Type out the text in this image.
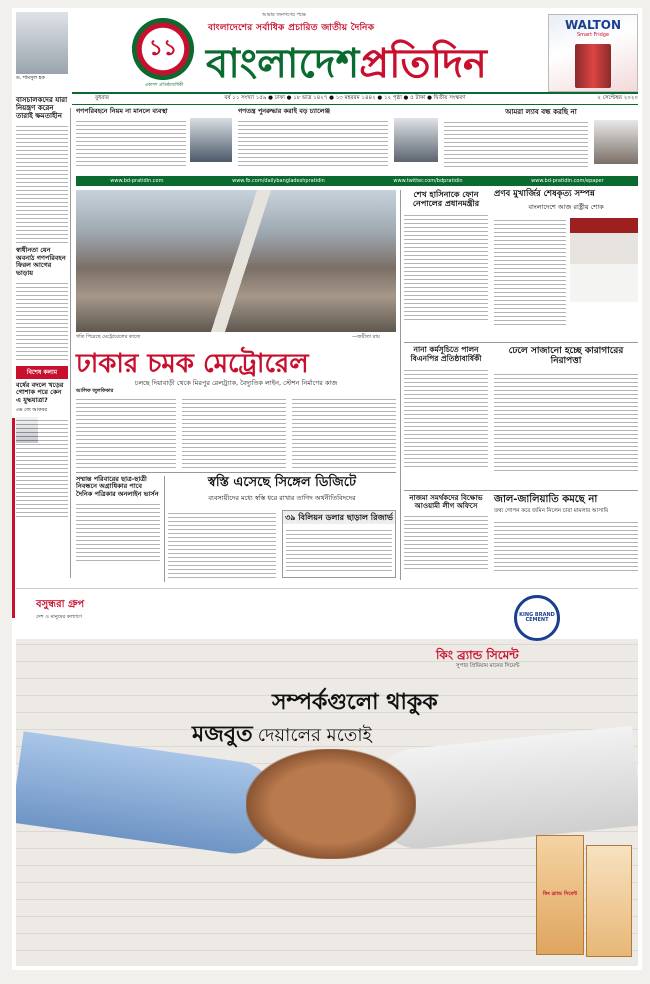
ড. শামসুল হক
১১
একাদশ প্রতিষ্ঠাবার্ষিকী
আমার জনগণের পক্ষে
বাংলাদেশের সর্বাধিক প্রচারিত জাতীয় দৈনিক
বাংলাদেশপ্রতিদিন
WALTON
Smart Fridge
বুধবার	বর্ষ ১১ সংখ্যা ১৫৯ ● ঢাকা ● ১৮ ভাদ্র ১৪২৭ ● ১৩ মহররম ১৪৪২ ● ১২ পৃষ্ঠা ● ৫ টাকা ● দ্বিতীয় সংস্করণ	২ সেপ্টেম্বর ২০২০
বাসচালকদের যারা নিয়ন্ত্রণ করেন তারাই ক্ষমতাহীন
স্বাধীনতা যেন অবনাঠ গণপরিবহন ফিরল আগের ভাড়ায়
বিশেষ কলাম
বর্ষের বদলে খড়ের গোশাক পরে কেন এ যুদ্ধযাত্রা?
এম জে আকবর
গণপরিবহনে নিয়ম না মানলে ব্যবস্থা	গণতন্ত্র পুনরুদ্ধার করাই বড় চ্যালেঞ্জ	আমরা ল্যাব বন্ধ করছি না
www.bd-pratidin.com	www.fb.com/dailybangladeshpratidin	www.twitter.com/bdpratidin	www.bd-pratidin.com/epaper
গতি পিরেছে মেট্রোরেলের কাজে	—জয়ীতা রায়
ঢাকার চমক মেট্রোরেল
চলছে দিয়াবাড়ী থেকে মিরপুর রেলট্র্যাক, বৈদ্যুতিক লাইন, স্টেশন নির্মাণের কাজ
আলিফ জুলফিকার
শেখ হাসিনাকে ফোন নেপালের প্রধানমন্ত্রীর
প্রণব মুখার্জির শেষকৃত্য সম্পন্ন
বাংলাদেশে আজ রাষ্ট্রীয় শোক
নানা কর্মসূচিতে পালন বিএনপির প্রতিষ্ঠাবার্ষিকী
ঢেলে সাজানো হচ্ছে কারাগারের নিরাপত্তা
নাজমা সমর্থকদের বিক্ষোভ আওয়ামী লীগ অফিসে
জাল-জালিয়াতি কমছে না
তথ্য গোপন করে জমিন নিলেন চারা মামলার আসামি
সম্মান্ত পরিবারের ছাত্র-ছাত্রী নিবন্ধনে অগ্রাধিকার পাবে দৈনিক পত্রিকার অনলাইন ভার্সন
স্বস্তি এসেছে সিঙ্গেল ডিজিটে
ব্যবসায়ীদের মধ্যে স্বস্তি ধরে রাখার তাগিদ অর্থনীতিবিদদের
৩৯ বিলিয়ন ডলার ছাড়াল রিজার্ভ
বসুন্ধরা গ্রুপ
দেশ ও মানুষের কল্যাণে	KING BRAND CEMENT
কিং ব্র্যান্ড সিমেন্ট
সুপার প্রিমিয়াম মানের সিমেন্ট
সম্পর্কগুলো থাকুক
মজবুত দেয়ালের মতোই
কিং ব্র্যান্ড সিমেন্ট
